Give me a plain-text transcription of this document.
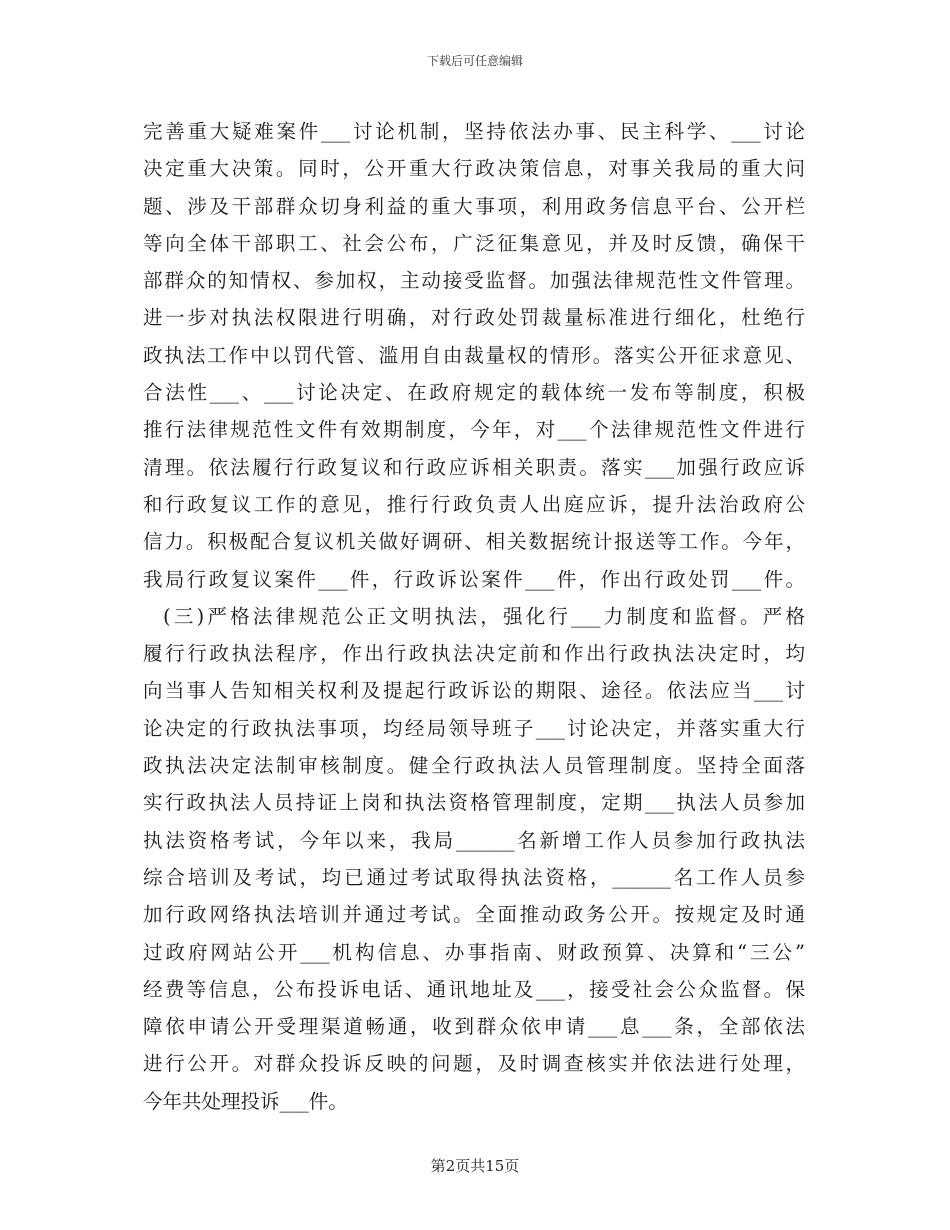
下载后可任意编辑
完善重大疑难案件___讨论机制，坚持依法办事、民主科学、___讨论
决定重大决策。同时，公开重大行政决策信息，对事关我局的重大问
题、涉及干部群众切身利益的重大事项，利用政务信息平台、公开栏
等向全体干部职工、社会公布，广泛征集意见，并及时反馈，确保干
部群众的知情权、参加权，主动接受监督。加强法律规范性文件管理。
进一步对执法权限进行明确，对行政处罚裁量标准进行细化，杜绝行
政执法工作中以罚代管、滥用自由裁量权的情形。落实公开征求意见、
合法性___、___讨论决定、在政府规定的载体统一发布等制度，积极
推行法律规范性文件有效期制度，今年，对___个法律规范性文件进行
清理。依法履行行政复议和行政应诉相关职责。落实___加强行政应诉
和行政复议工作的意见，推行行政负责人出庭应诉，提升法治政府公
信力。积极配合复议机关做好调研、相关数据统计报送等工作。今年，
我局行政复议案件___件，行政诉讼案件___件，作出行政处罚___件。
(三)严格法律规范公正文明执法，强化行___力制度和监督。严格
履行行政执法程序，作出行政执法决定前和作出行政执法决定时，均
向当事人告知相关权利及提起行政诉讼的期限、途径。依法应当___讨
论决定的行政执法事项，均经局领导班子___讨论决定，并落实重大行
政执法决定法制审核制度。健全行政执法人员管理制度。坚持全面落
实行政执法人员持证上岗和执法资格管理制度，定期___执法人员参加
执法资格考试，今年以来，我局______名新增工作人员参加行政执法
综合培训及考试，均已通过考试取得执法资格，______名工作人员参
加行政网络执法培训并通过考试。全面推动政务公开。按规定及时通
过政府网站公开___机构信息、办事指南、财政预算、决算和“三公”
经费等信息，公布投诉电话、通讯地址及___，接受社会公众监督。保
障依申请公开受理渠道畅通，收到群众依申请___息___条，全部依法
进行公开。对群众投诉反映的问题，及时调查核实并依法进行处理，
今年共处理投诉___件。
第2页共15页
